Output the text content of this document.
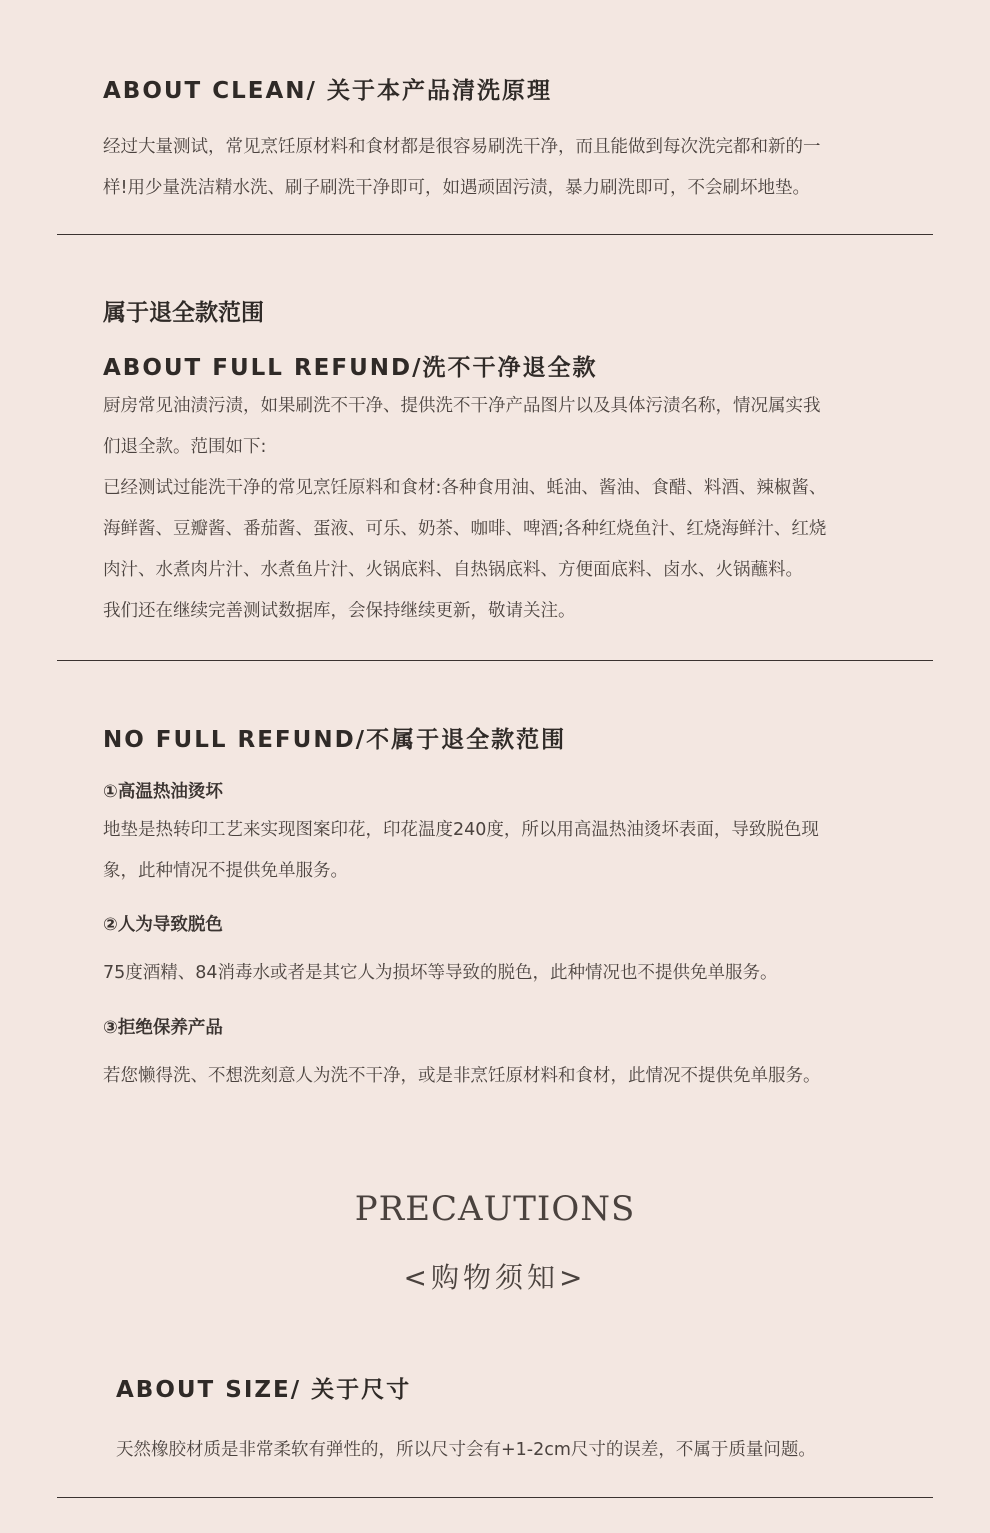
ABOUT CLEAN/ 关于本产品清洗原理
经过大量测试，常见烹饪原材料和食材都是很容易刷洗干净，而且能做到每次洗完都和新的一
样!用少量洗洁精水洗、刷子刷洗干净即可，如遇顽固污渍，暴力刷洗即可，不会刷坏地垫。
属于退全款范围
ABOUT FULL REFUND/洗不干净退全款
厨房常见油渍污渍，如果刷洗不干净、提供洗不干净产品图片以及具体污渍名称，情况属实我
们退全款。范围如下:
已经测试过能洗干净的常见烹饪原料和食材:各种食用油、蚝油、酱油、食醋、料酒、辣椒酱、
海鲜酱、豆瓣酱、番茄酱、蛋液、可乐、奶茶、咖啡、啤酒;各种红烧鱼汁、红烧海鲜汁、红烧
肉汁、水煮肉片汁、水煮鱼片汁、火锅底料、自热锅底料、方便面底料、卤水、火锅蘸料。
我们还在继续完善测试数据库，会保持继续更新，敬请关注。
NO FULL REFUND/不属于退全款范围
①高温热油烫坏
地垫是热转印工艺来实现图案印花，印花温度240度，所以用高温热油烫坏表面，导致脱色现
象，此种情况不提供免单服务。
②人为导致脱色
75度酒精、84消毒水或者是其它人为损坏等导致的脱色，此种情况也不提供免单服务。
③拒绝保养产品
若您懒得洗、不想洗刻意人为洗不干净，或是非烹饪原材料和食材，此情况不提供免单服务。
PRECAUTIONS
<购物须知>
ABOUT SIZE/ 关于尺寸
天然橡胶材质是非常柔软有弹性的，所以尺寸会有+1-2cm尺寸的误差，不属于质量问题。
